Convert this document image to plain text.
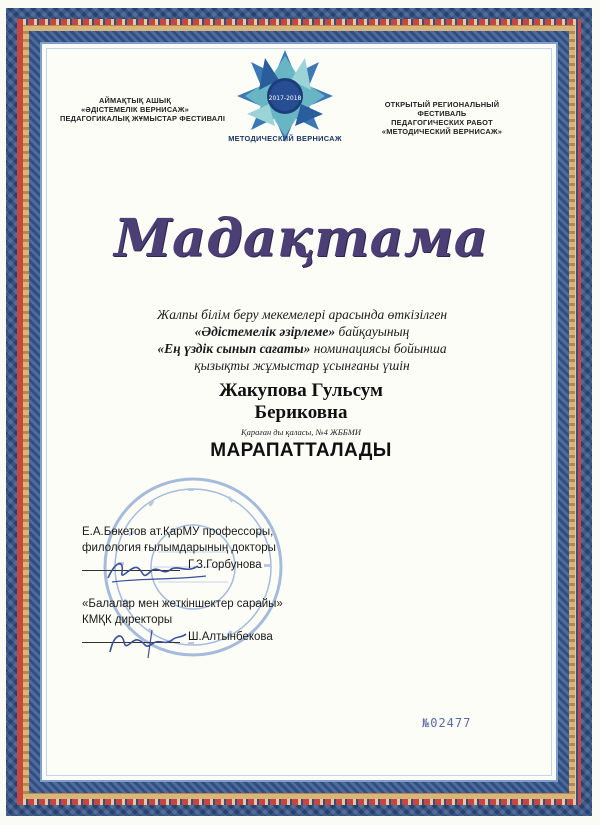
АЙМАҚТЫҚ АШЫҚ
«ӘДІСТЕМЕЛІК ВЕРНИСАЖ»
ПЕДАГОГИКАЛЫҚ ЖҰМЫСТАР ФЕСТИВАЛІ
2017-2018
МЕТОДИЧЕСКИЙ ВЕРНИСАЖ
ОТКРЫТЫЙ РЕГИОНАЛЬНЫЙ
ФЕСТИВАЛЬ
ПЕДАГОГИЧЕСКИХ РАБОТ
«МЕТОДИЧЕСКИЙ ВЕРНИСАЖ»
Мадақтама
Жалпы білім беру мекемелері арасында өткізілген
«Әдістемелік әзірлеме» байқауының
«Ең үздік сынып сағаты» номинациясы бойынша
қызықты жұмыстар ұсынғаны үшін
Жакупова Гульсум
Бериковна
Қараған ды қаласы, №4 ЖББМИ
МАРАПАТТАЛАДЫ
Е.А.Бөкетов ат.ҚарМУ профессоры,
филология ғылымдарының докторы
Г.З.Горбунова
«Балалар мен жеткіншектер сарайы»
КМҚК директоры
Ш.Алтынбекова
№02477
